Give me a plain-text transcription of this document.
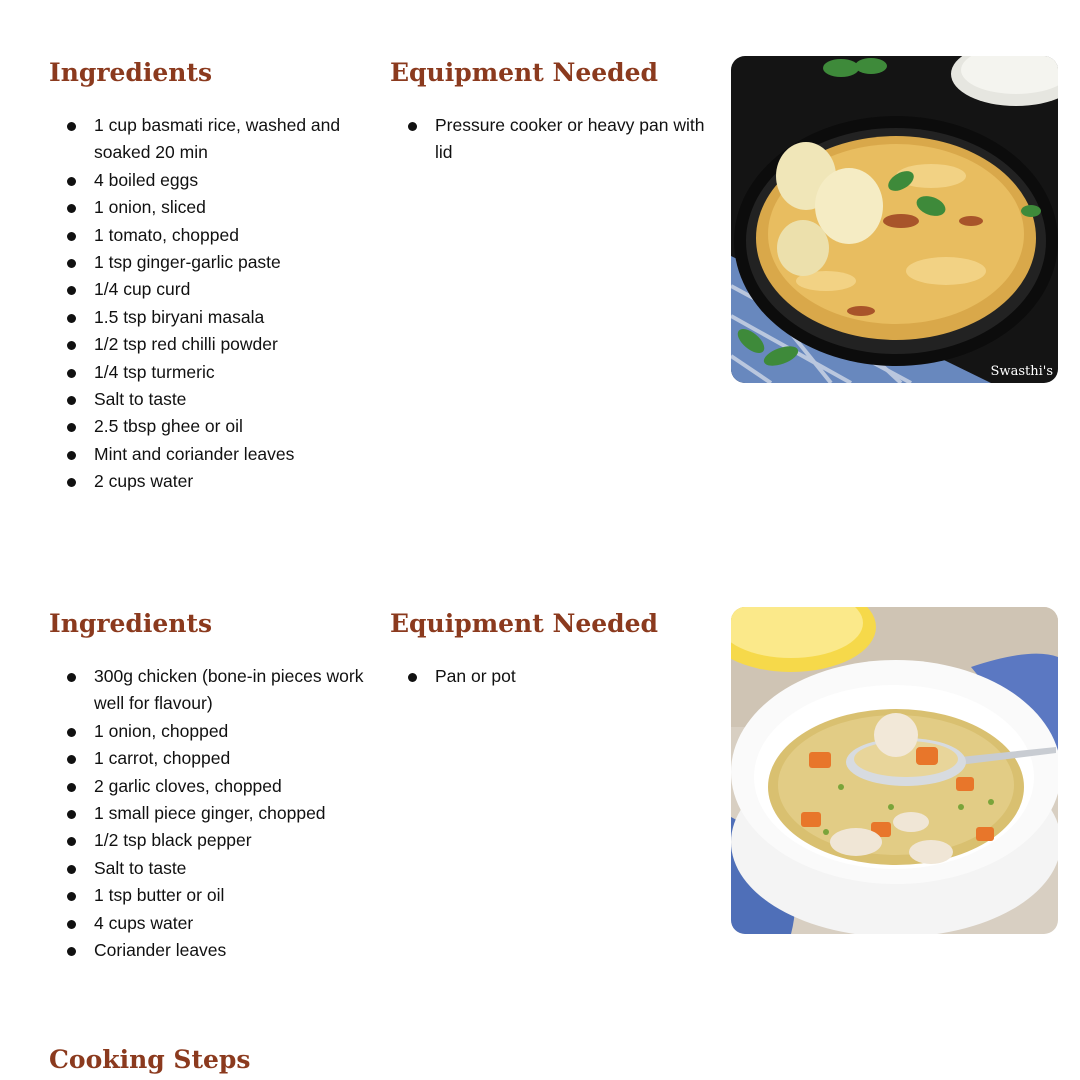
Ingredients
1 cup basmati rice, washed and soaked 20 min
4 boiled eggs
1 onion, sliced
1 tomato, chopped
1 tsp ginger-garlic paste
1/4 cup curd
1.5 tsp biryani masala
1/2 tsp red chilli powder
1/4 tsp turmeric
Salt to taste
2.5 tbsp ghee or oil
Mint and coriander leaves
2 cups water
Equipment Needed
Pressure cooker or heavy pan with lid
Swasthi's
Ingredients
300g chicken (bone-in pieces work well for flavour)
1 onion, chopped
1 carrot, chopped
2 garlic cloves, chopped
1 small piece ginger, chopped
1/2 tsp black pepper
Salt to taste
1 tsp butter or oil
4 cups water
Coriander leaves
Equipment Needed
Pan or pot
Cooking Steps
